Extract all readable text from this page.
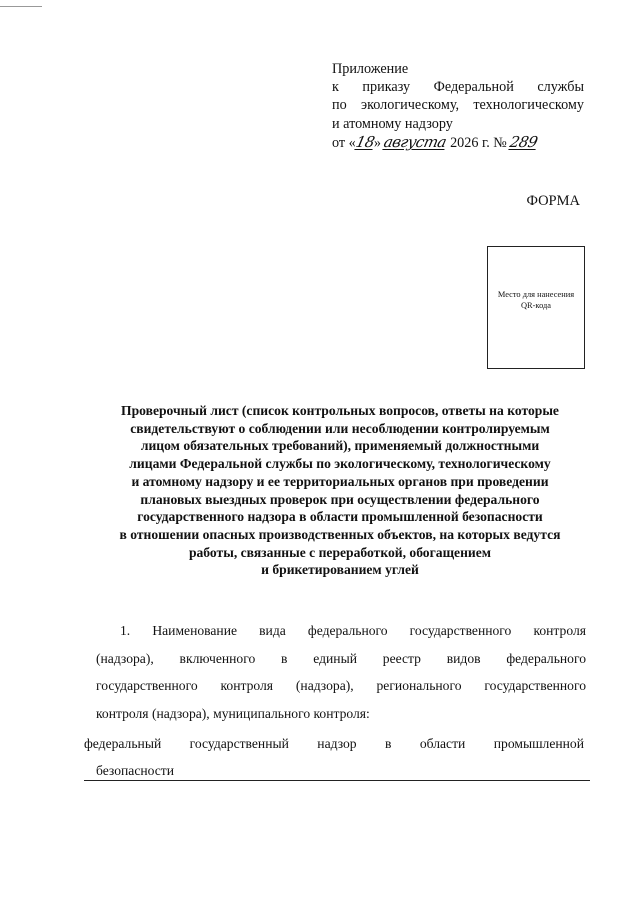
Приложение
к приказу Федеральной службы
по экологическому, технологическому
и атомному надзору
от «18» августа 2026 г. № 289
ФОРМА
Место для нанесения
QR-кода
Проверочный лист (список контрольных вопросов, ответы на которые
свидетельствуют о соблюдении или несоблюдении контролируемым
лицом обязательных требований), применяемый должностными
лицами Федеральной службы по экологическому, технологическому
и атомному надзору и ее территориальных органов при проведении
плановых выездных проверок при осуществлении федерального
государственного надзора в области промышленной безопасности
в отношении опасных производственных объектов, на которых ведутся
работы, связанные с переработкой, обогащением
и брикетированием углей
1. Наименование вида федерального государственного контроля
(надзора), включенного в единый реестр видов федерального
государственного контроля (надзора), регионального государственного
контроля (надзора), муниципального контроля:
федеральный государственный надзор в области промышленной
безопасности
